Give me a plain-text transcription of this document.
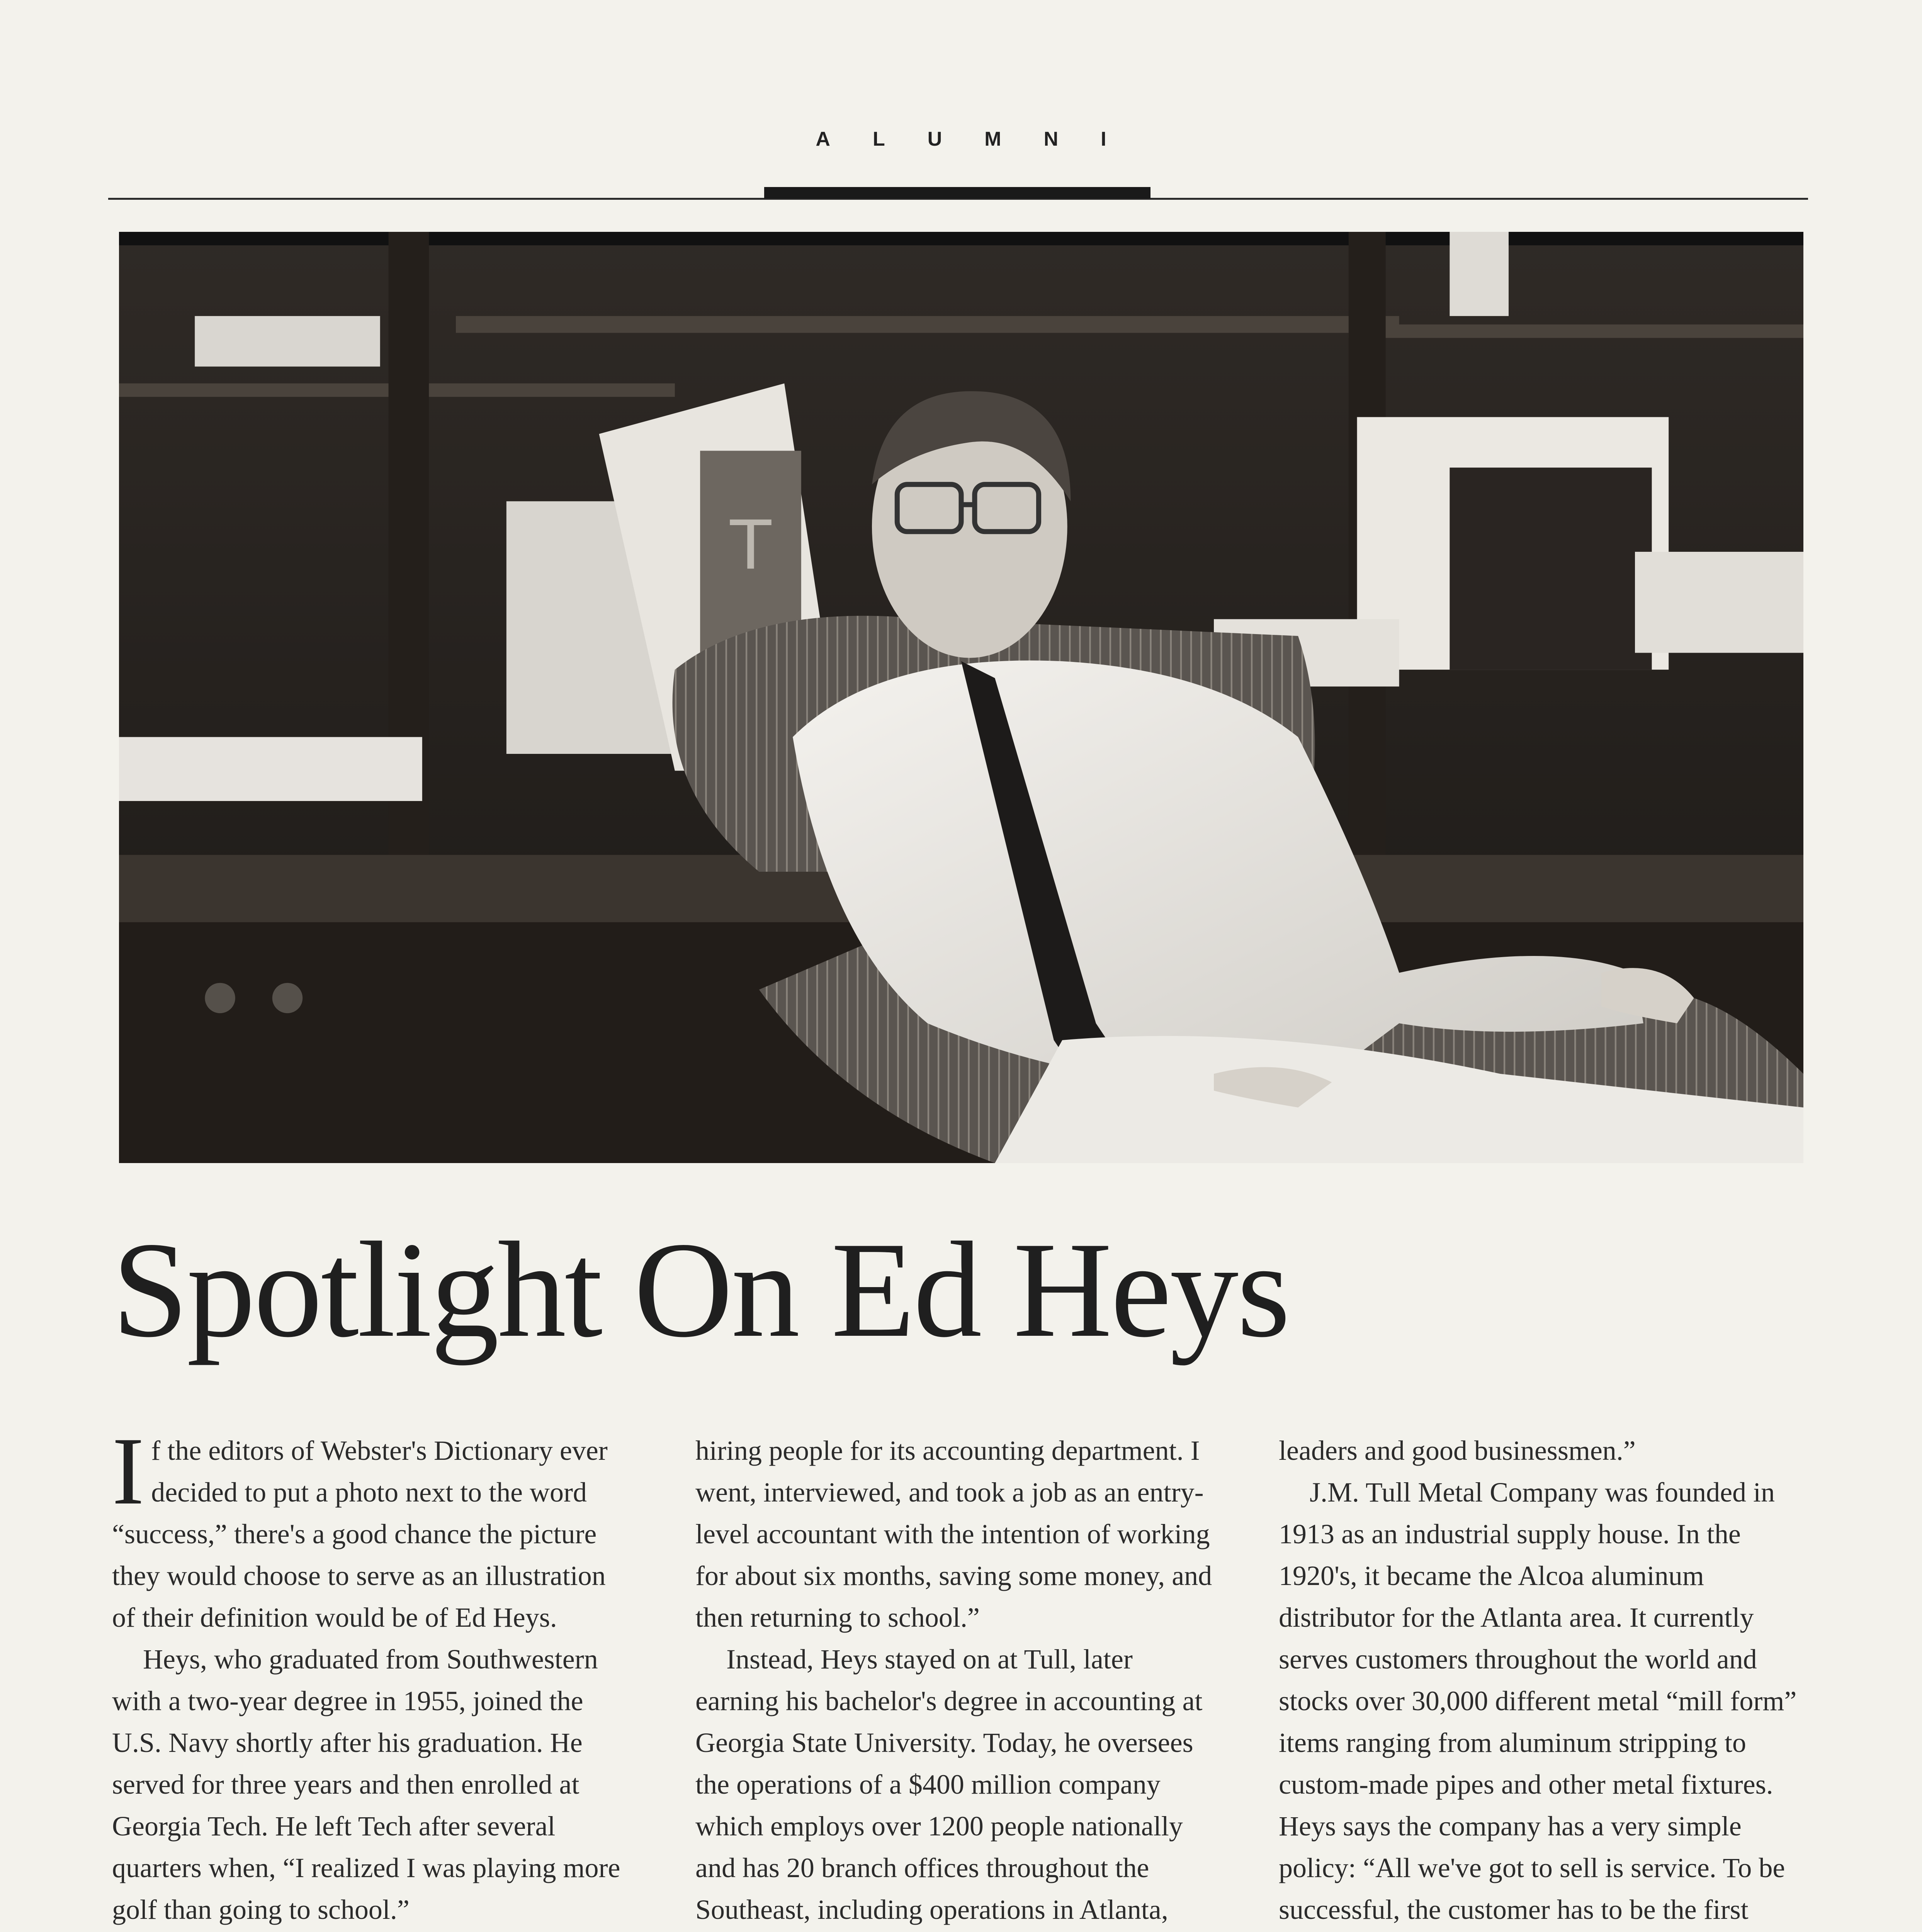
ALUMNI
T
Spotlight On Ed Heys

If the editors of Webster's Dictionary ever decided to put a photo next to the word “success,” there's a good chance the picture they would choose to serve as an illustration of their definition would be of Ed Heys.

Heys, who graduated from Southwestern with a two-year degree in 1955, joined the U.S. Navy shortly after his graduation. He served for three years and then enrolled at Georgia Tech. He left Tech after several quarters when, “I realized I was playing more golf than going to school.”

hiring people for its accounting department. I went, interviewed, and took a job as an entry-level accountant with the intention of working for about six months, saving some money, and then returning to school.”

Instead, Heys stayed on at Tull, later earning his bachelor's degree in accounting at Georgia State University. Today, he oversees the operations of a $400 million company which employs over 1200 people nationally and has 20 branch offices throughout the Southeast, including operations in Atlanta,

leaders and good businessmen.”

J.M. Tull Metal Company was founded in 1913 as an industrial supply house. In the 1920's, it became the Alcoa aluminum distributor for the Atlanta area. It currently serves customers throughout the world and stocks over 30,000 different metal “mill form” items ranging from aluminum stripping to custom-made pipes and other metal fixtures. Heys says the company has a very simple policy: “All we've got to sell is service. To be successful, the customer has to be the first
